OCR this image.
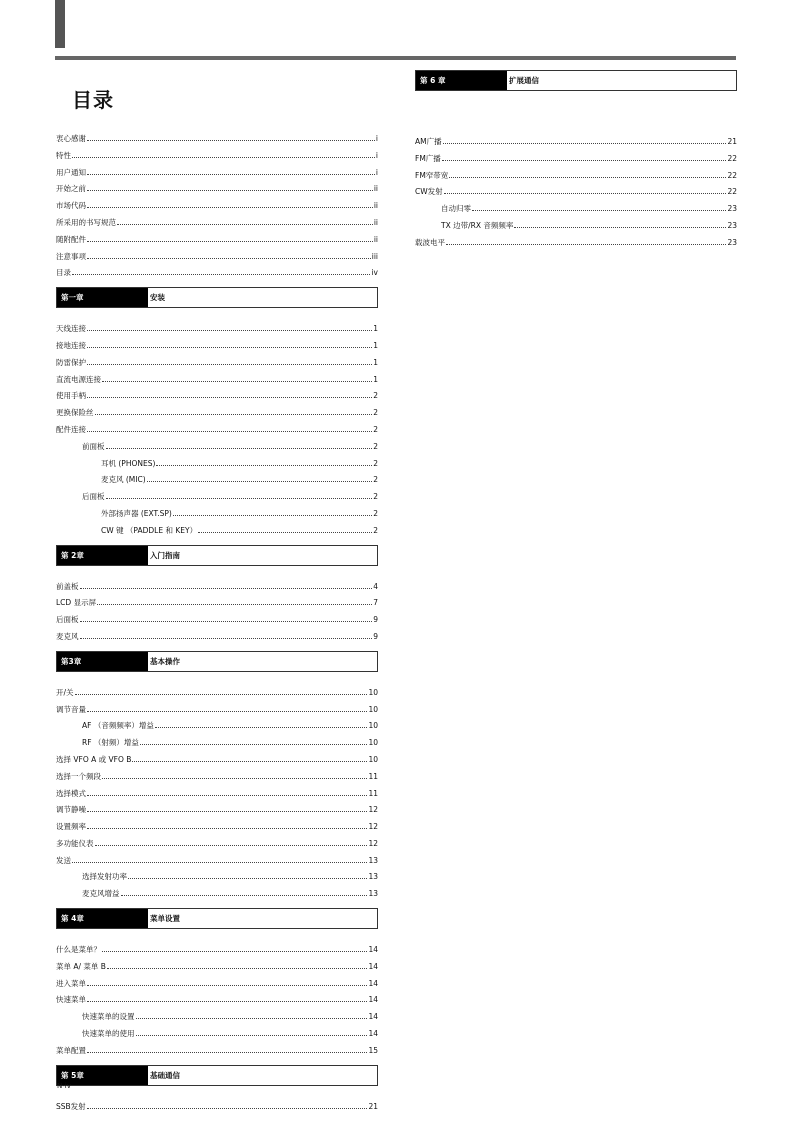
目录
衷心感谢	i
特性	i
用户通知	i
开始之前	ii
市场代码	ii
所采用的书写规范	ii
随附配件	ii
注意事项	iii
目录	iv
第一章	安装
天线连接	1
接地连接	1
防雷保护	1
直流电源连接	1
使用手柄	2
更换保险丝	2
配件连接	2
前面板	2
耳机 (PHONES)	2
麦克风 (MIC)	2
后面板	2
外部扬声器 (EXT.SP)	2
CW 键 （PADDLE 和 KEY）	2
第 2章	入门指南
前盖板	4
LCD 显示屏	7
后面板	9
麦克风	9
第3章	基本操作
开/关	10
调节音量	10
AF （音频频率）增益	10
RF （射频）增益	10
选择 VFO A 或 VFO B	10
选择一个频段	11
选择模式	11
调节静噪	12
设置频率	12
多功能仪表	12
发送	13
选择发射功率	13
麦克风增益	13
第 4章	菜单设置
什么是菜单？	14
菜单 A/ 菜单 B	14
进入菜单	14
快速菜单	14
快速菜单的设置	14
快速菜单的使用	14
菜单配置	15
第 5章	基础通信
SSB发射	21
第 6 章	扩展通信
AM广播	21
FM广播	22
FM窄带宽	22
CW发射	22
自动归零	23
TX 边带/RX 音频频率	23
载波电平	23
N-iv
